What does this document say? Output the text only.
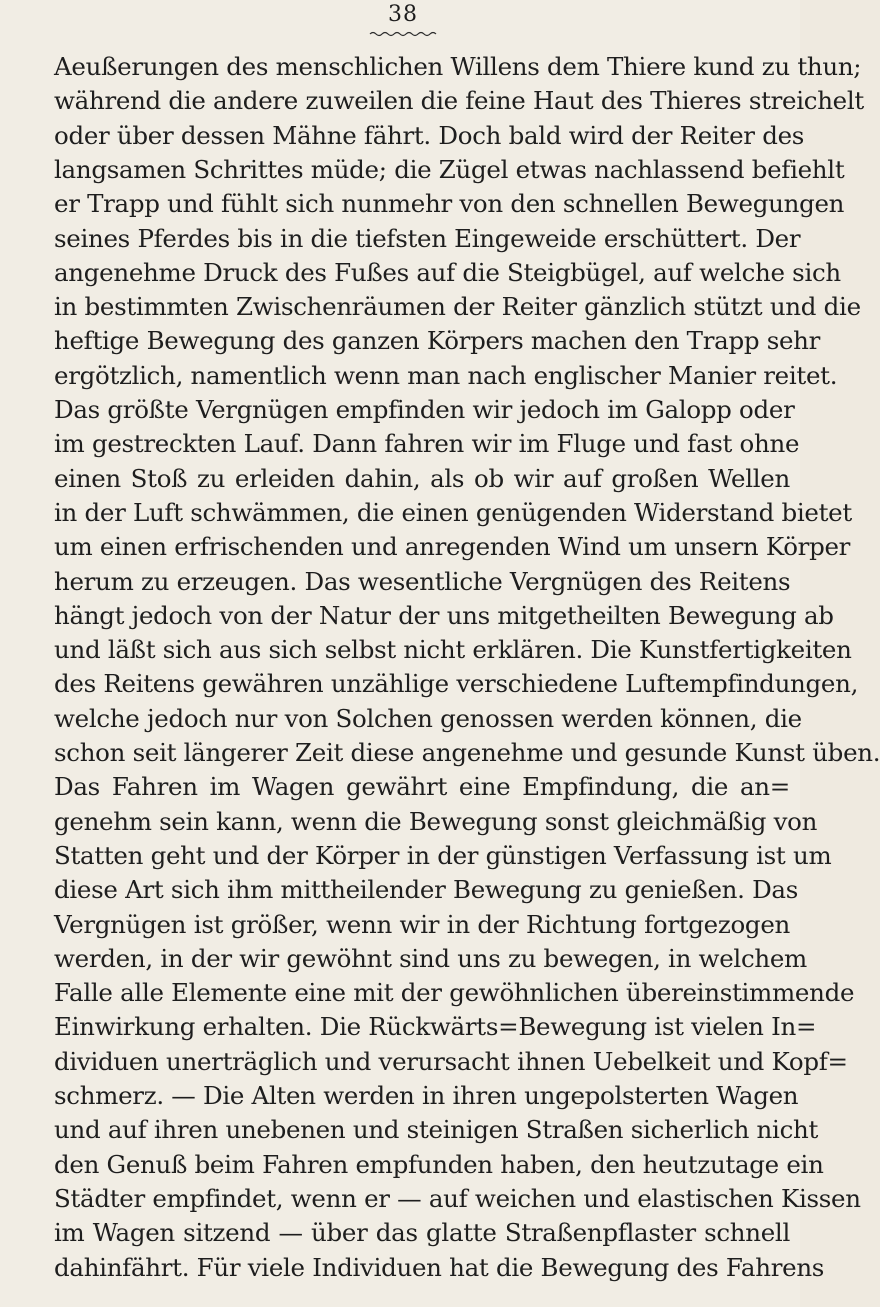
38
Aeußerungen des menschlichen Willens dem Thiere kund zu thun;
während die andere zuweilen die feine Haut des Thieres streichelt
oder über dessen Mähne fährt. Doch bald wird der Reiter des
langsamen Schrittes müde; die Zügel etwas nachlassend befiehlt
er Trapp und fühlt sich nunmehr von den schnellen Bewegungen
seines Pferdes bis in die tiefsten Eingeweide erschüttert. Der
angenehme Druck des Fußes auf die Steigbügel, auf welche sich
in bestimmten Zwischenräumen der Reiter gänzlich stützt und die
heftige Bewegung des ganzen Körpers machen den Trapp sehr
ergötzlich, namentlich wenn man nach englischer Manier reitet.
Das größte Vergnügen empfinden wir jedoch im Galopp oder
im gestreckten Lauf. Dann fahren wir im Fluge und fast ohne
einen Stoß zu erleiden dahin, als ob wir auf großen Wellen
in der Luft schwämmen, die einen genügenden Widerstand bietet
um einen erfrischenden und anregenden Wind um unsern Körper
herum zu erzeugen. Das wesentliche Vergnügen des Reitens
hängt jedoch von der Natur der uns mitgetheilten Bewegung ab
und läßt sich aus sich selbst nicht erklären. Die Kunstfertigkeiten
des Reitens gewähren unzählige verschiedene Luftempfindungen,
welche jedoch nur von Solchen genossen werden können, die
schon seit längerer Zeit diese angenehme und gesunde Kunst üben.
Das Fahren im Wagen gewährt eine Empfindung, die an=
genehm sein kann, wenn die Bewegung sonst gleichmäßig von
Statten geht und der Körper in der günstigen Verfassung ist um
diese Art sich ihm mittheilender Bewegung zu genießen. Das
Vergnügen ist größer, wenn wir in der Richtung fortgezogen
werden, in der wir gewöhnt sind uns zu bewegen, in welchem
Falle alle Elemente eine mit der gewöhnlichen übereinstimmende
Einwirkung erhalten. Die Rückwärts=Bewegung ist vielen In=
dividuen unerträglich und verursacht ihnen Uebelkeit und Kopf=
schmerz. — Die Alten werden in ihren ungepolsterten Wagen
und auf ihren unebenen und steinigen Straßen sicherlich nicht
den Genuß beim Fahren empfunden haben, den heutzutage ein
Städter empfindet, wenn er — auf weichen und elastischen Kissen
im Wagen sitzend — über das glatte Straßenpflaster schnell
dahinfährt. Für viele Individuen hat die Bewegung des Fahrens
